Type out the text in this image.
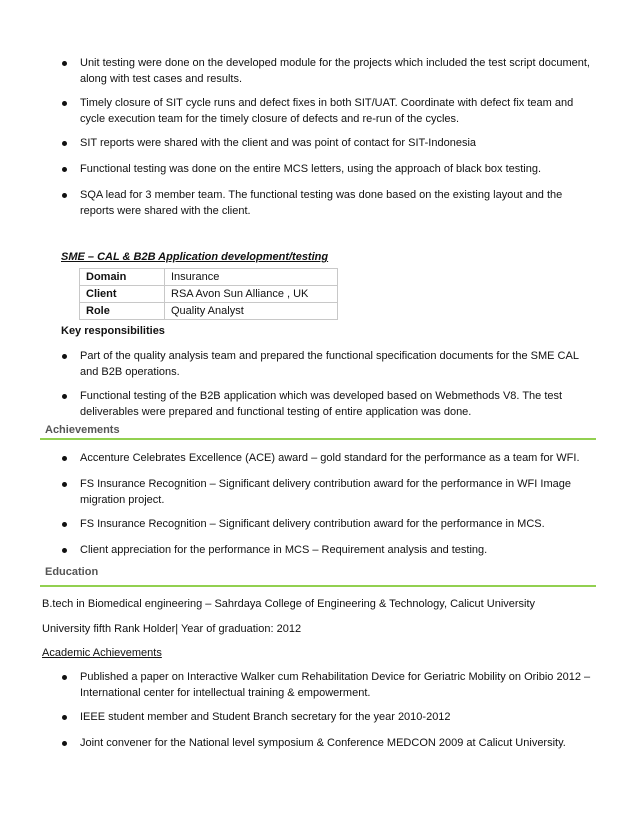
Unit testing were done on the developed module for the projects which included the test script document, along with test cases and results.
Timely closure of SIT cycle runs and defect fixes in both SIT/UAT. Coordinate with defect fix team and cycle execution team for the timely closure of defects and re-run of the cycles.
SIT reports were shared with the client and was point of contact for SIT-Indonesia
Functional testing was done on the entire MCS letters, using the approach of black box testing.
SQA lead for 3 member team. The functional testing was done based on the existing layout and the reports were shared with the client.
SME – CAL & B2B Application development/testing
Domain	Insurance
Client	RSA Avon Sun Alliance , UK
Role	Quality Analyst
Key responsibilities
Part of the quality analysis team and prepared the functional specification documents for the SME CAL and B2B operations.
Functional testing of the B2B application which was developed based on Webmethods V8. The test deliverables were prepared and functional testing of entire application was done.
Achievements
Accenture Celebrates Excellence (ACE) award – gold standard for the performance as a team for WFI.
FS Insurance Recognition – Significant delivery contribution award for the performance in WFI Image migration project.
FS Insurance Recognition – Significant delivery contribution award for the performance in MCS.
Client appreciation for the performance in MCS – Requirement analysis and testing.
Education
B.tech in Biomedical engineering – Sahrdaya College of Engineering & Technology, Calicut University
University fifth Rank Holder| Year of graduation: 2012
Academic Achievements
Published a paper on Interactive Walker cum Rehabilitation Device for Geriatric Mobility on Oribio 2012 – International center for intellectual training & empowerment.
IEEE student member and Student Branch secretary for the year 2010-2012
Joint convener for the National level symposium & Conference MEDCON 2009 at Calicut University.
